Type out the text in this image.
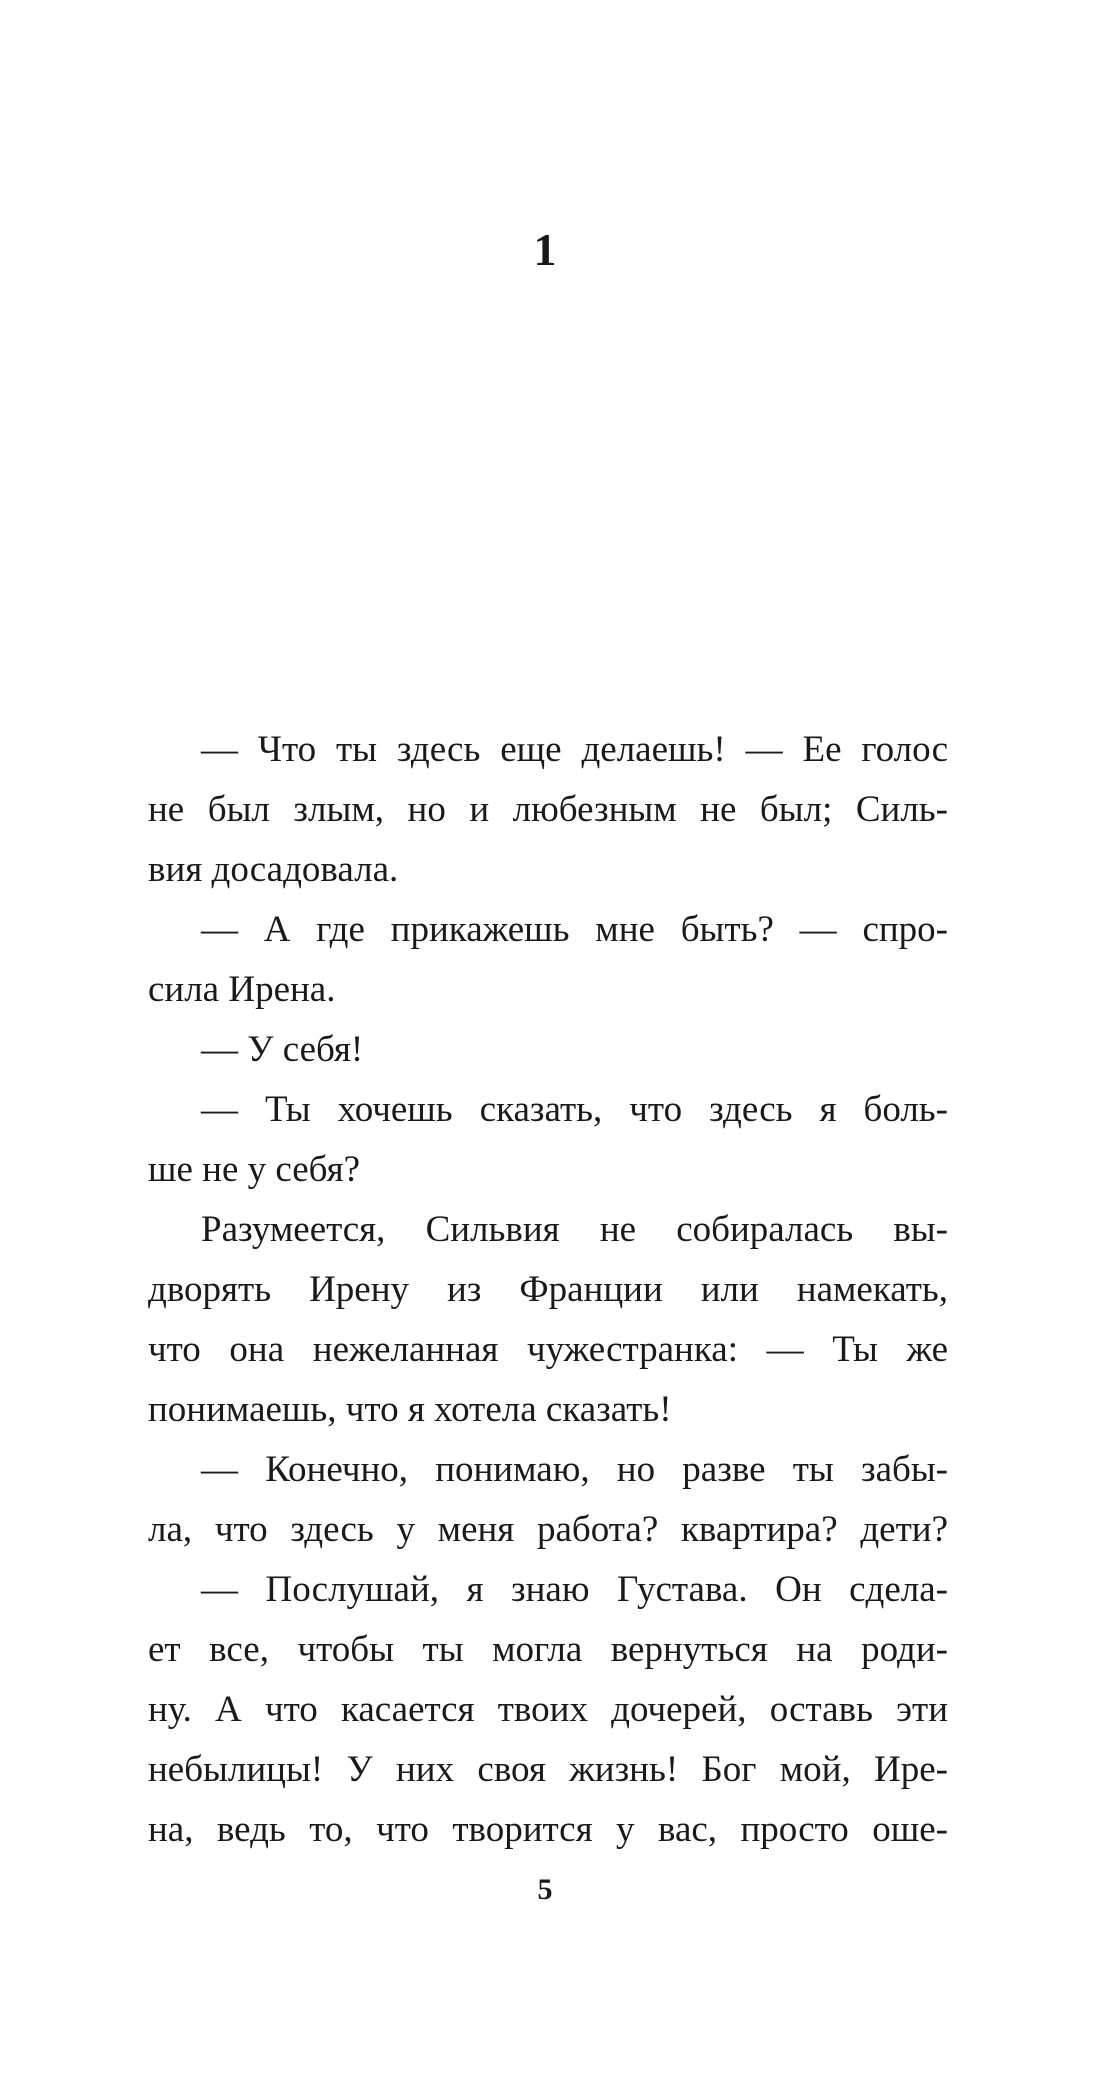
1

— Что ты здесь еще делаешь! — Ее голос

не был злым, но и любезным не был; Силь-
вия досадовала.

— А где прикажешь мне быть? — спро-

сила Ирена.

— У себя!

— Ты хочешь сказать, что здесь я боль-

ше не у себя?

Разумеется, Сильвия не собиралась вы-

дворять Ирену из Франции или намекать,
что она нежеланная чужестранка: — Ты же
понимаешь, что я хотела сказать!

— Конечно, понимаю, но разве ты забы-

ла, что здесь у меня работа? квартира? дети?

— Послушай, я знаю Густава. Он сдела-

ет все, чтобы ты могла вернуться на роди-
ну. А что касается твоих дочерей, оставь эти
небылицы! У них своя жизнь! Бог мой, Ире-
на, ведь то, что творится у вас, просто оше-

5
